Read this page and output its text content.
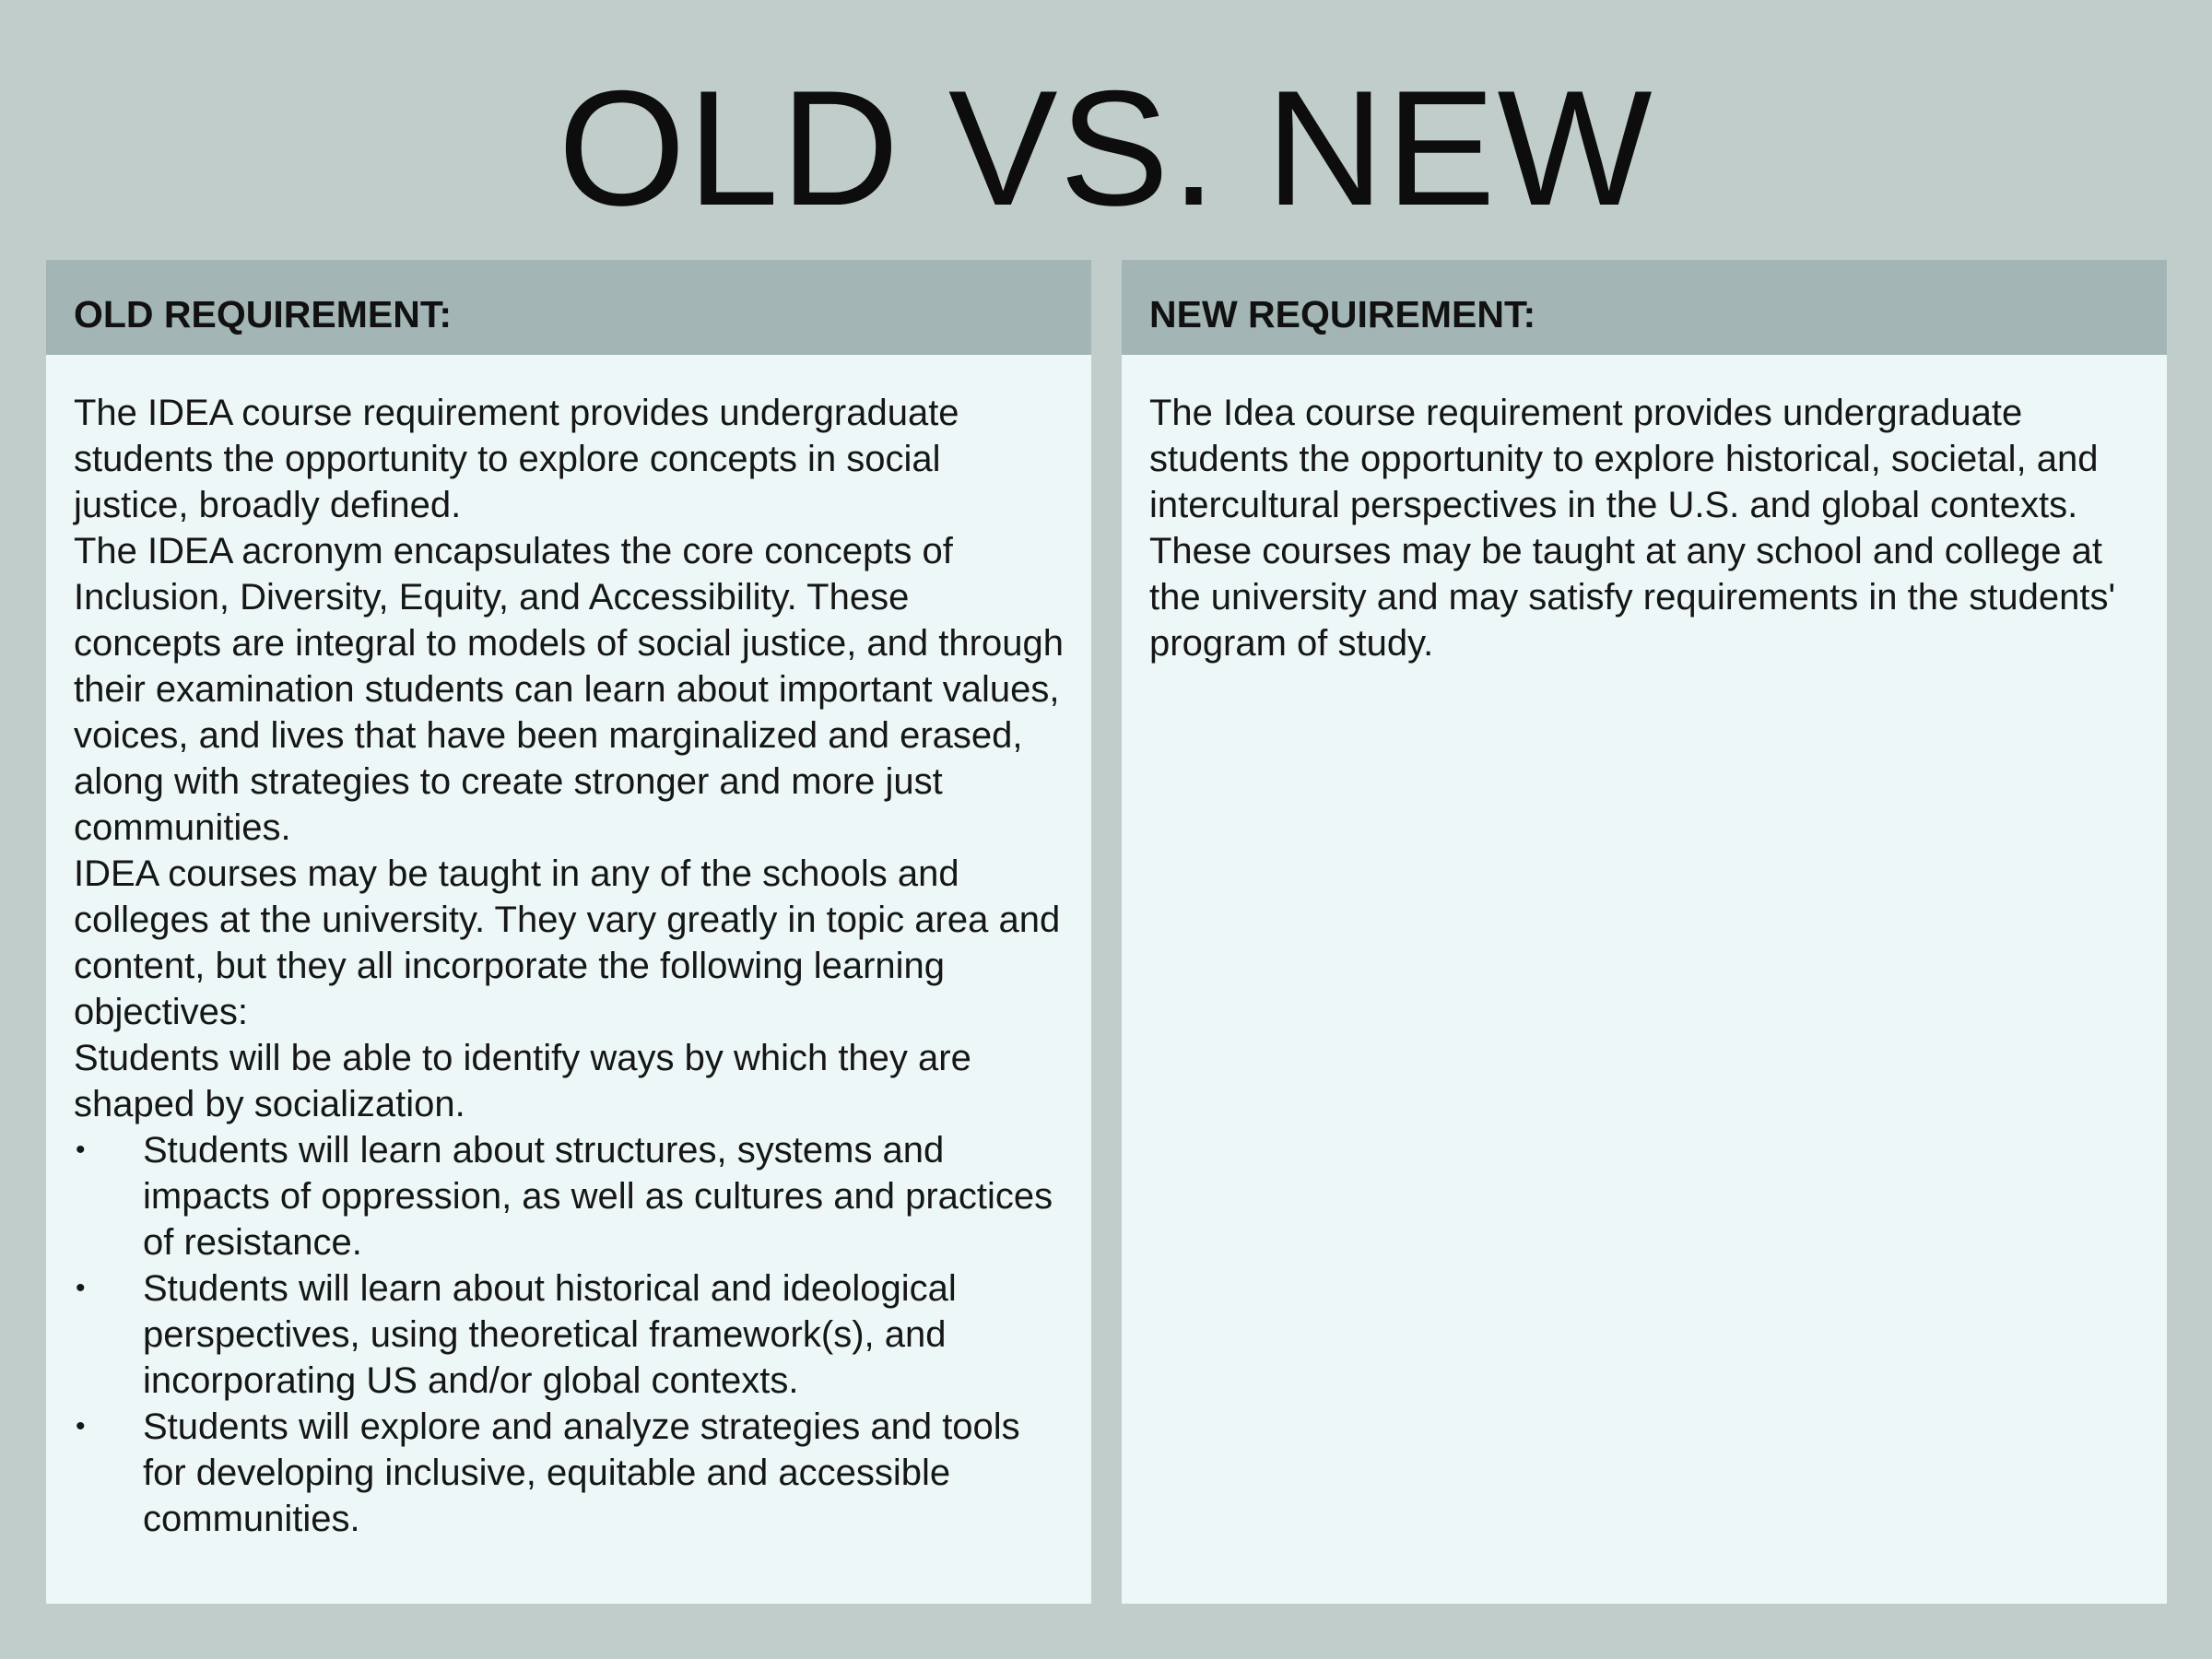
OLD VS. NEW
OLD REQUIREMENT:

The IDEA course requirement provides undergraduate students the opportunity to explore concepts in social justice, broadly defined.

The IDEA acronym encapsulates the core concepts of Inclusion, Diversity, Equity, and Accessibility. These concepts are integral to models of social justice, and through their examination students can learn about important values, voices, and lives that have been marginalized and erased, along with strategies to create stronger and more just communities.

IDEA courses may be taught in any of the schools and colleges at the university. They vary greatly in topic area and content, but they all incorporate the following learning objectives:

Students will be able to identify ways by which they are shaped by socialization.

• Students will learn about structures, systems and impacts of oppression, as well as cultures and practices of resistance.
• Students will learn about historical and ideological perspectives, using theoretical framework(s), and incorporating US and/or global contexts.
• Students will explore and analyze strategies and tools for developing inclusive, equitable and accessible communities.
NEW REQUIREMENT:

The Idea course requirement provides undergraduate students the opportunity to explore historical, societal, and intercultural perspectives in the U.S. and global contexts. These courses may be taught at any school and college at the university and may satisfy requirements in the students' program of study.
